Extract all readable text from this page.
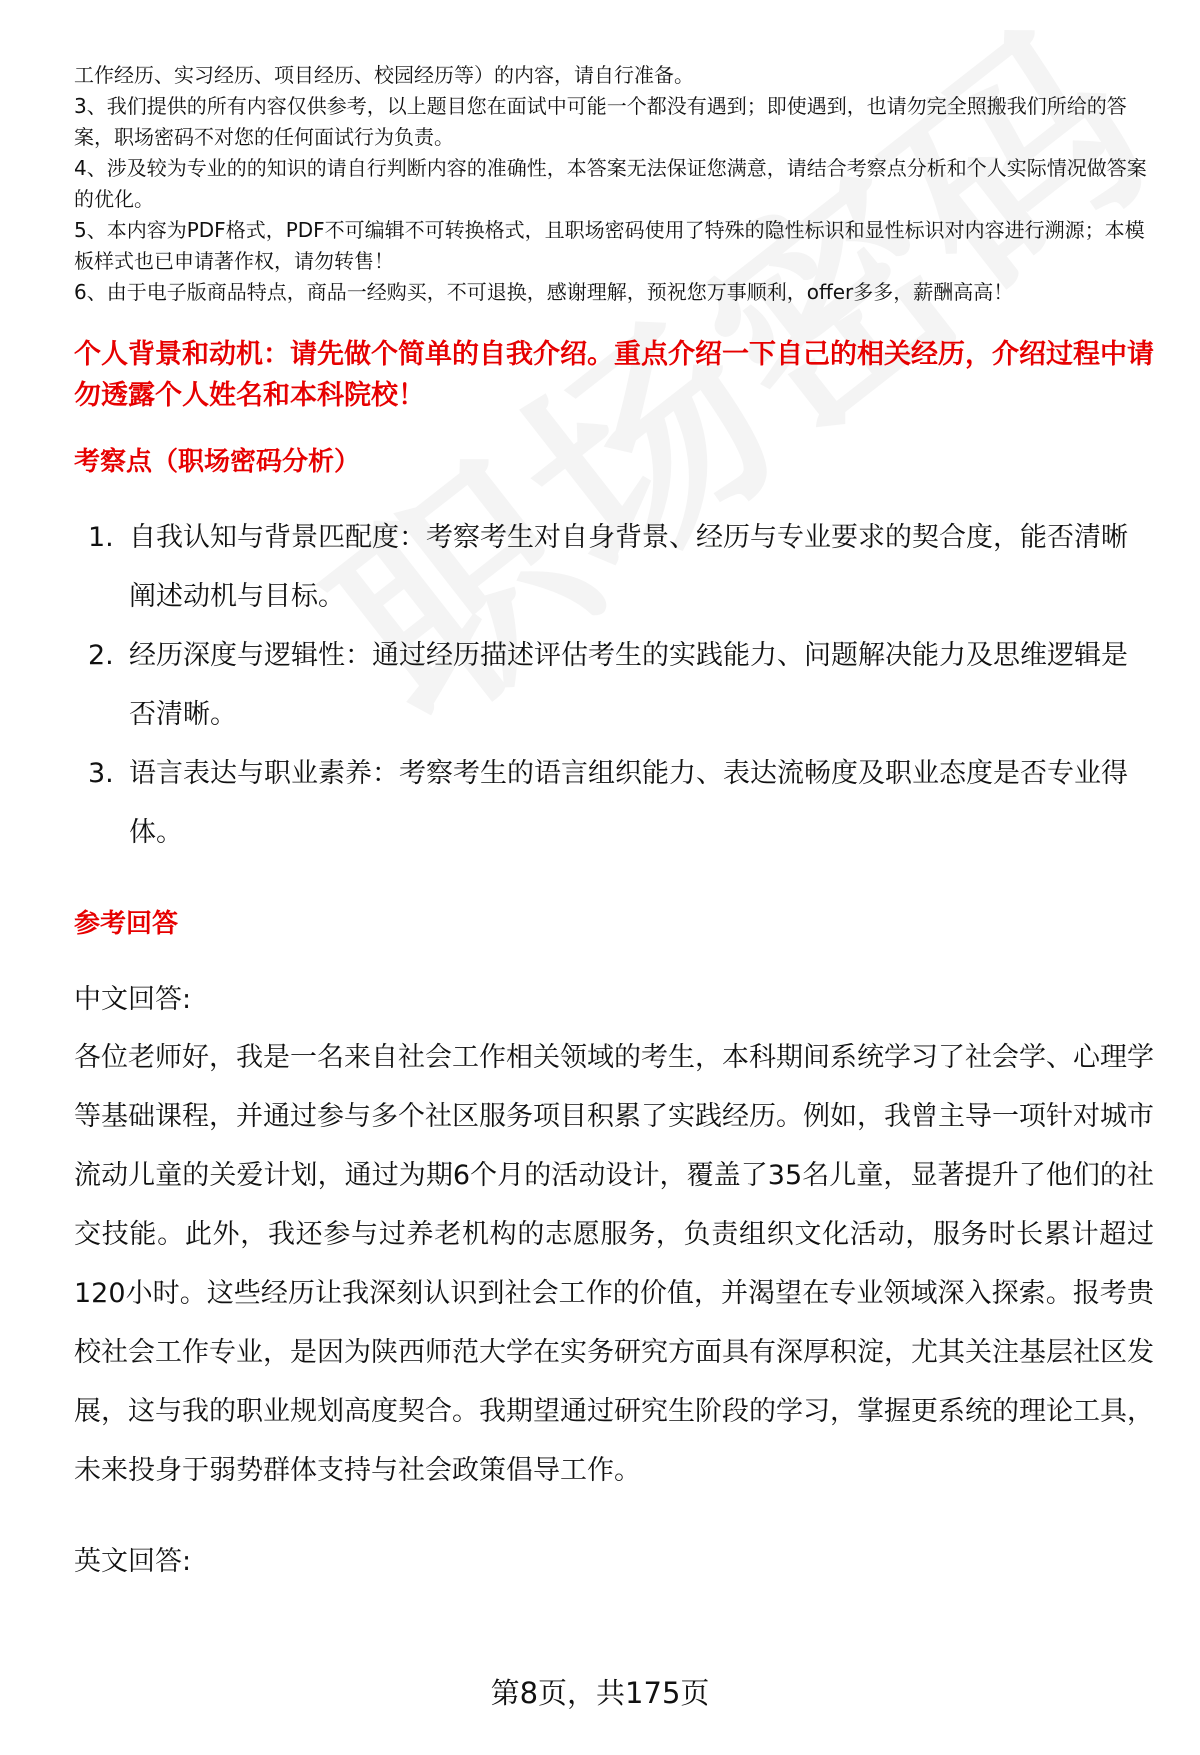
工作经历、实习经历、项目经历、校园经历等）的内容，请自行准备。

3、我们提供的所有内容仅供参考，以上题目您在面试中可能一个都没有遇到；即使遇到，也请勿完全照搬我们所给的答案，职场密码不对您的任何面试行为负责。

4、涉及较为专业的的知识的请自行判断内容的准确性，本答案无法保证您满意，请结合考察点分析和个人实际情况做答案的优化。

5、本内容为PDF格式，PDF不可编辑不可转换格式，且职场密码使用了特殊的隐性标识和显性标识对内容进行溯源；本模板样式也已申请著作权，请勿转售！

6、由于电子版商品特点，商品一经购买，不可退换，感谢理解，预祝您万事顺利，offer多多，薪酬高高！

个人背景和动机：请先做个简单的自我介绍。重点介绍一下自己的相关经历，介绍过程中请勿透露个人姓名和本科院校！
考察点（职场密码分析）
1. 自我认知与背景匹配度：考察考生对自身背景、经历与专业要求的契合度，能否清晰阐述动机与目标。
2. 经历深度与逻辑性：通过经历描述评估考生的实践能力、问题解决能力及思维逻辑是否清晰。
3. 语言表达与职业素养：考察考生的语言组织能力、表达流畅度及职业态度是否专业得体。
参考回答
中文回答:
各位老师好，我是一名来自社会工作相关领域的考生，本科期间系统学习了社会学、心理学等基础课程，并通过参与多个社区服务项目积累了实践经历。例如，我曾主导一项针对城市流动儿童的关爱计划，通过为期6个月的活动设计，覆盖了35名儿童，显著提升了他们的社交技能。此外，我还参与过养老机构的志愿服务，负责组织文化活动，服务时长累计超过120小时。这些经历让我深刻认识到社会工作的价值，并渴望在专业领域深入探索。报考贵校社会工作专业，是因为陕西师范大学在实务研究方面具有深厚积淀，尤其关注基层社区发展，这与我的职业规划高度契合。我期望通过研究生阶段的学习，掌握更系统的理论工具，未来投身于弱势群体支持与社会政策倡导工作。
英文回答:
第8页，共175页
